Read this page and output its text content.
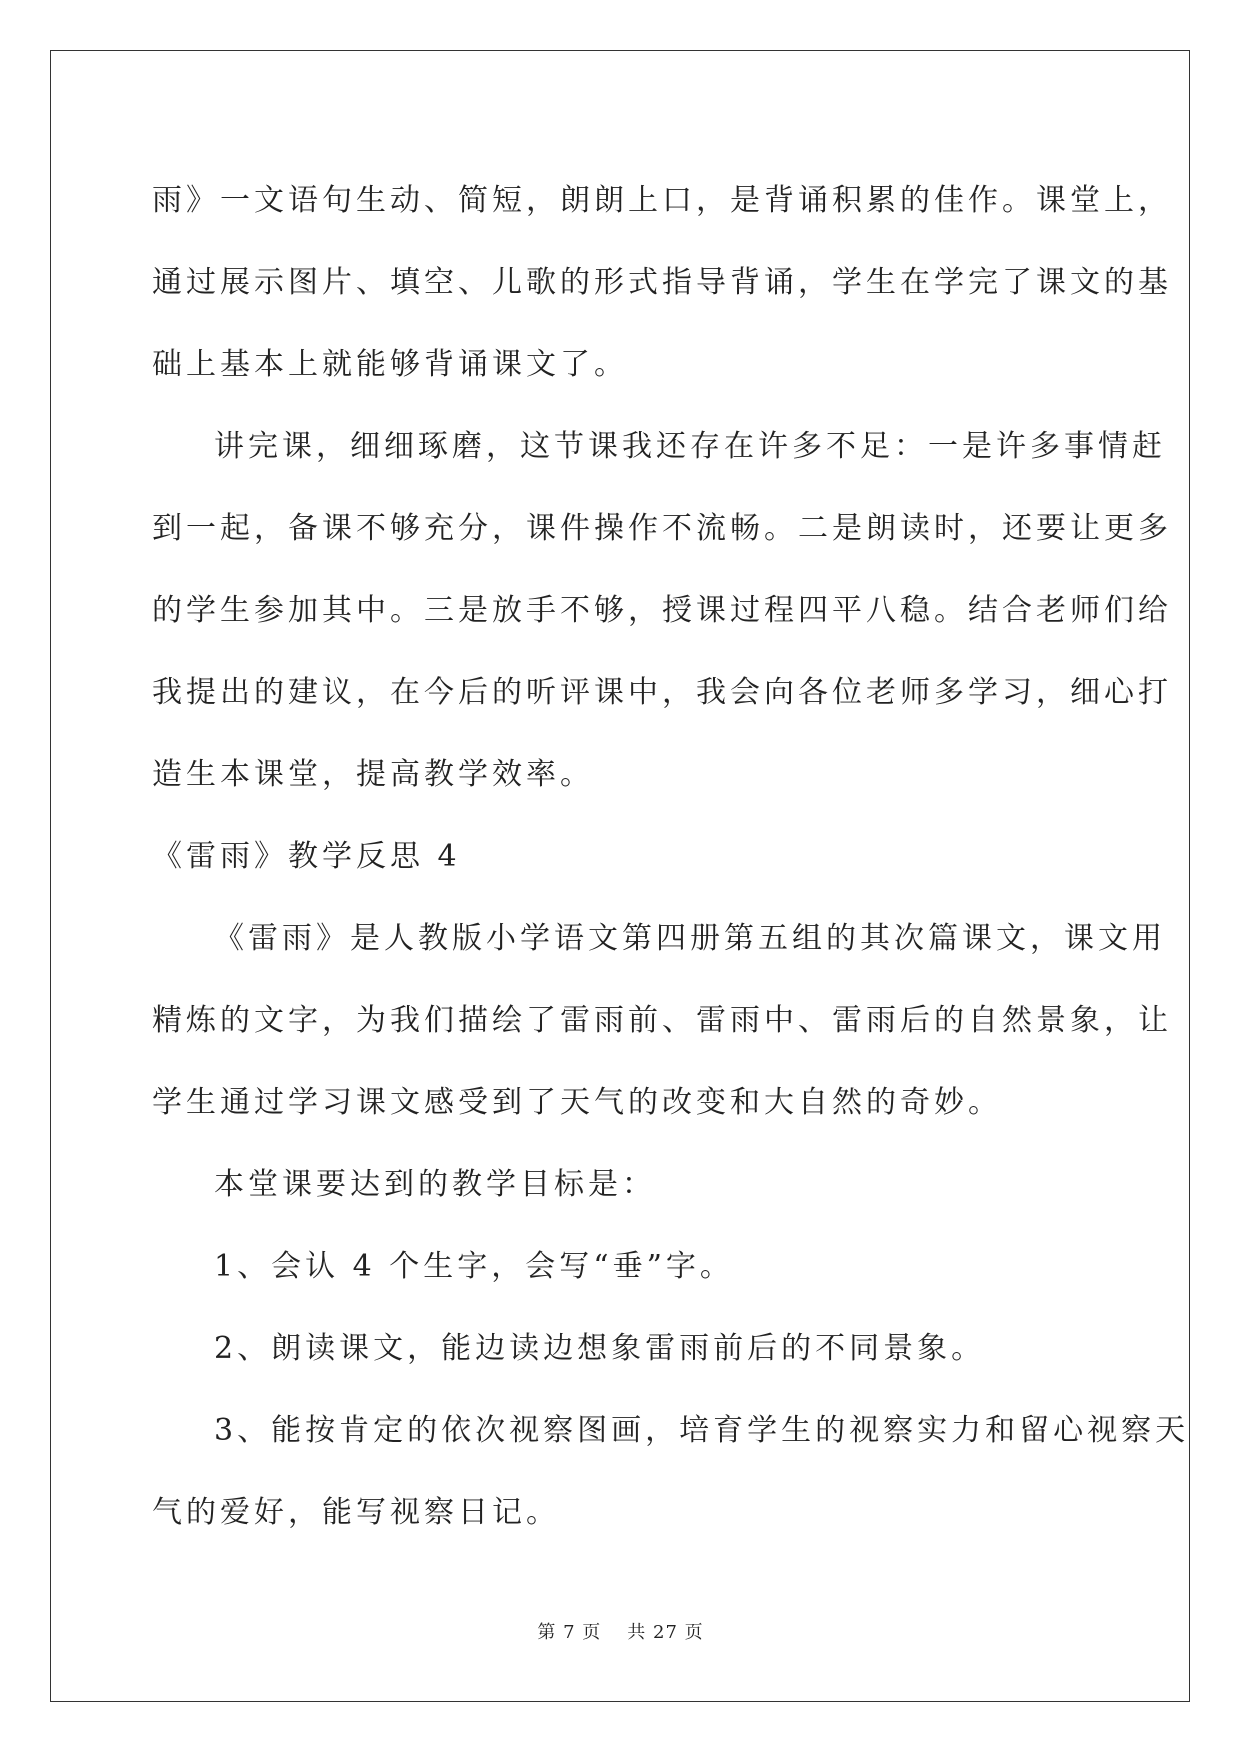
雨》一文语句生动、简短，朗朗上口，是背诵积累的佳作。课堂上，

通过展示图片、填空、儿歌的形式指导背诵，学生在学完了课文的基

础上基本上就能够背诵课文了。

讲完课，细细琢磨，这节课我还存在许多不足：一是许多事情赶

到一起，备课不够充分，课件操作不流畅。二是朗读时，还要让更多

的学生参加其中。三是放手不够，授课过程四平八稳。结合老师们给

我提出的建议，在今后的听评课中，我会向各位老师多学习，细心打

造生本课堂，提高教学效率。

《雷雨》教学反思 4

《雷雨》是人教版小学语文第四册第五组的其次篇课文，课文用

精炼的文字，为我们描绘了雷雨前、雷雨中、雷雨后的自然景象，让

学生通过学习课文感受到了天气的改变和大自然的奇妙。

本堂课要达到的教学目标是：

1、会认 4 个生字，会写“垂”字。

2、朗读课文，能边读边想象雷雨前后的不同景象。

3、能按肯定的依次视察图画，培育学生的视察实力和留心视察天

气的爱好，能写视察日记。

第 7 页 共 27 页
